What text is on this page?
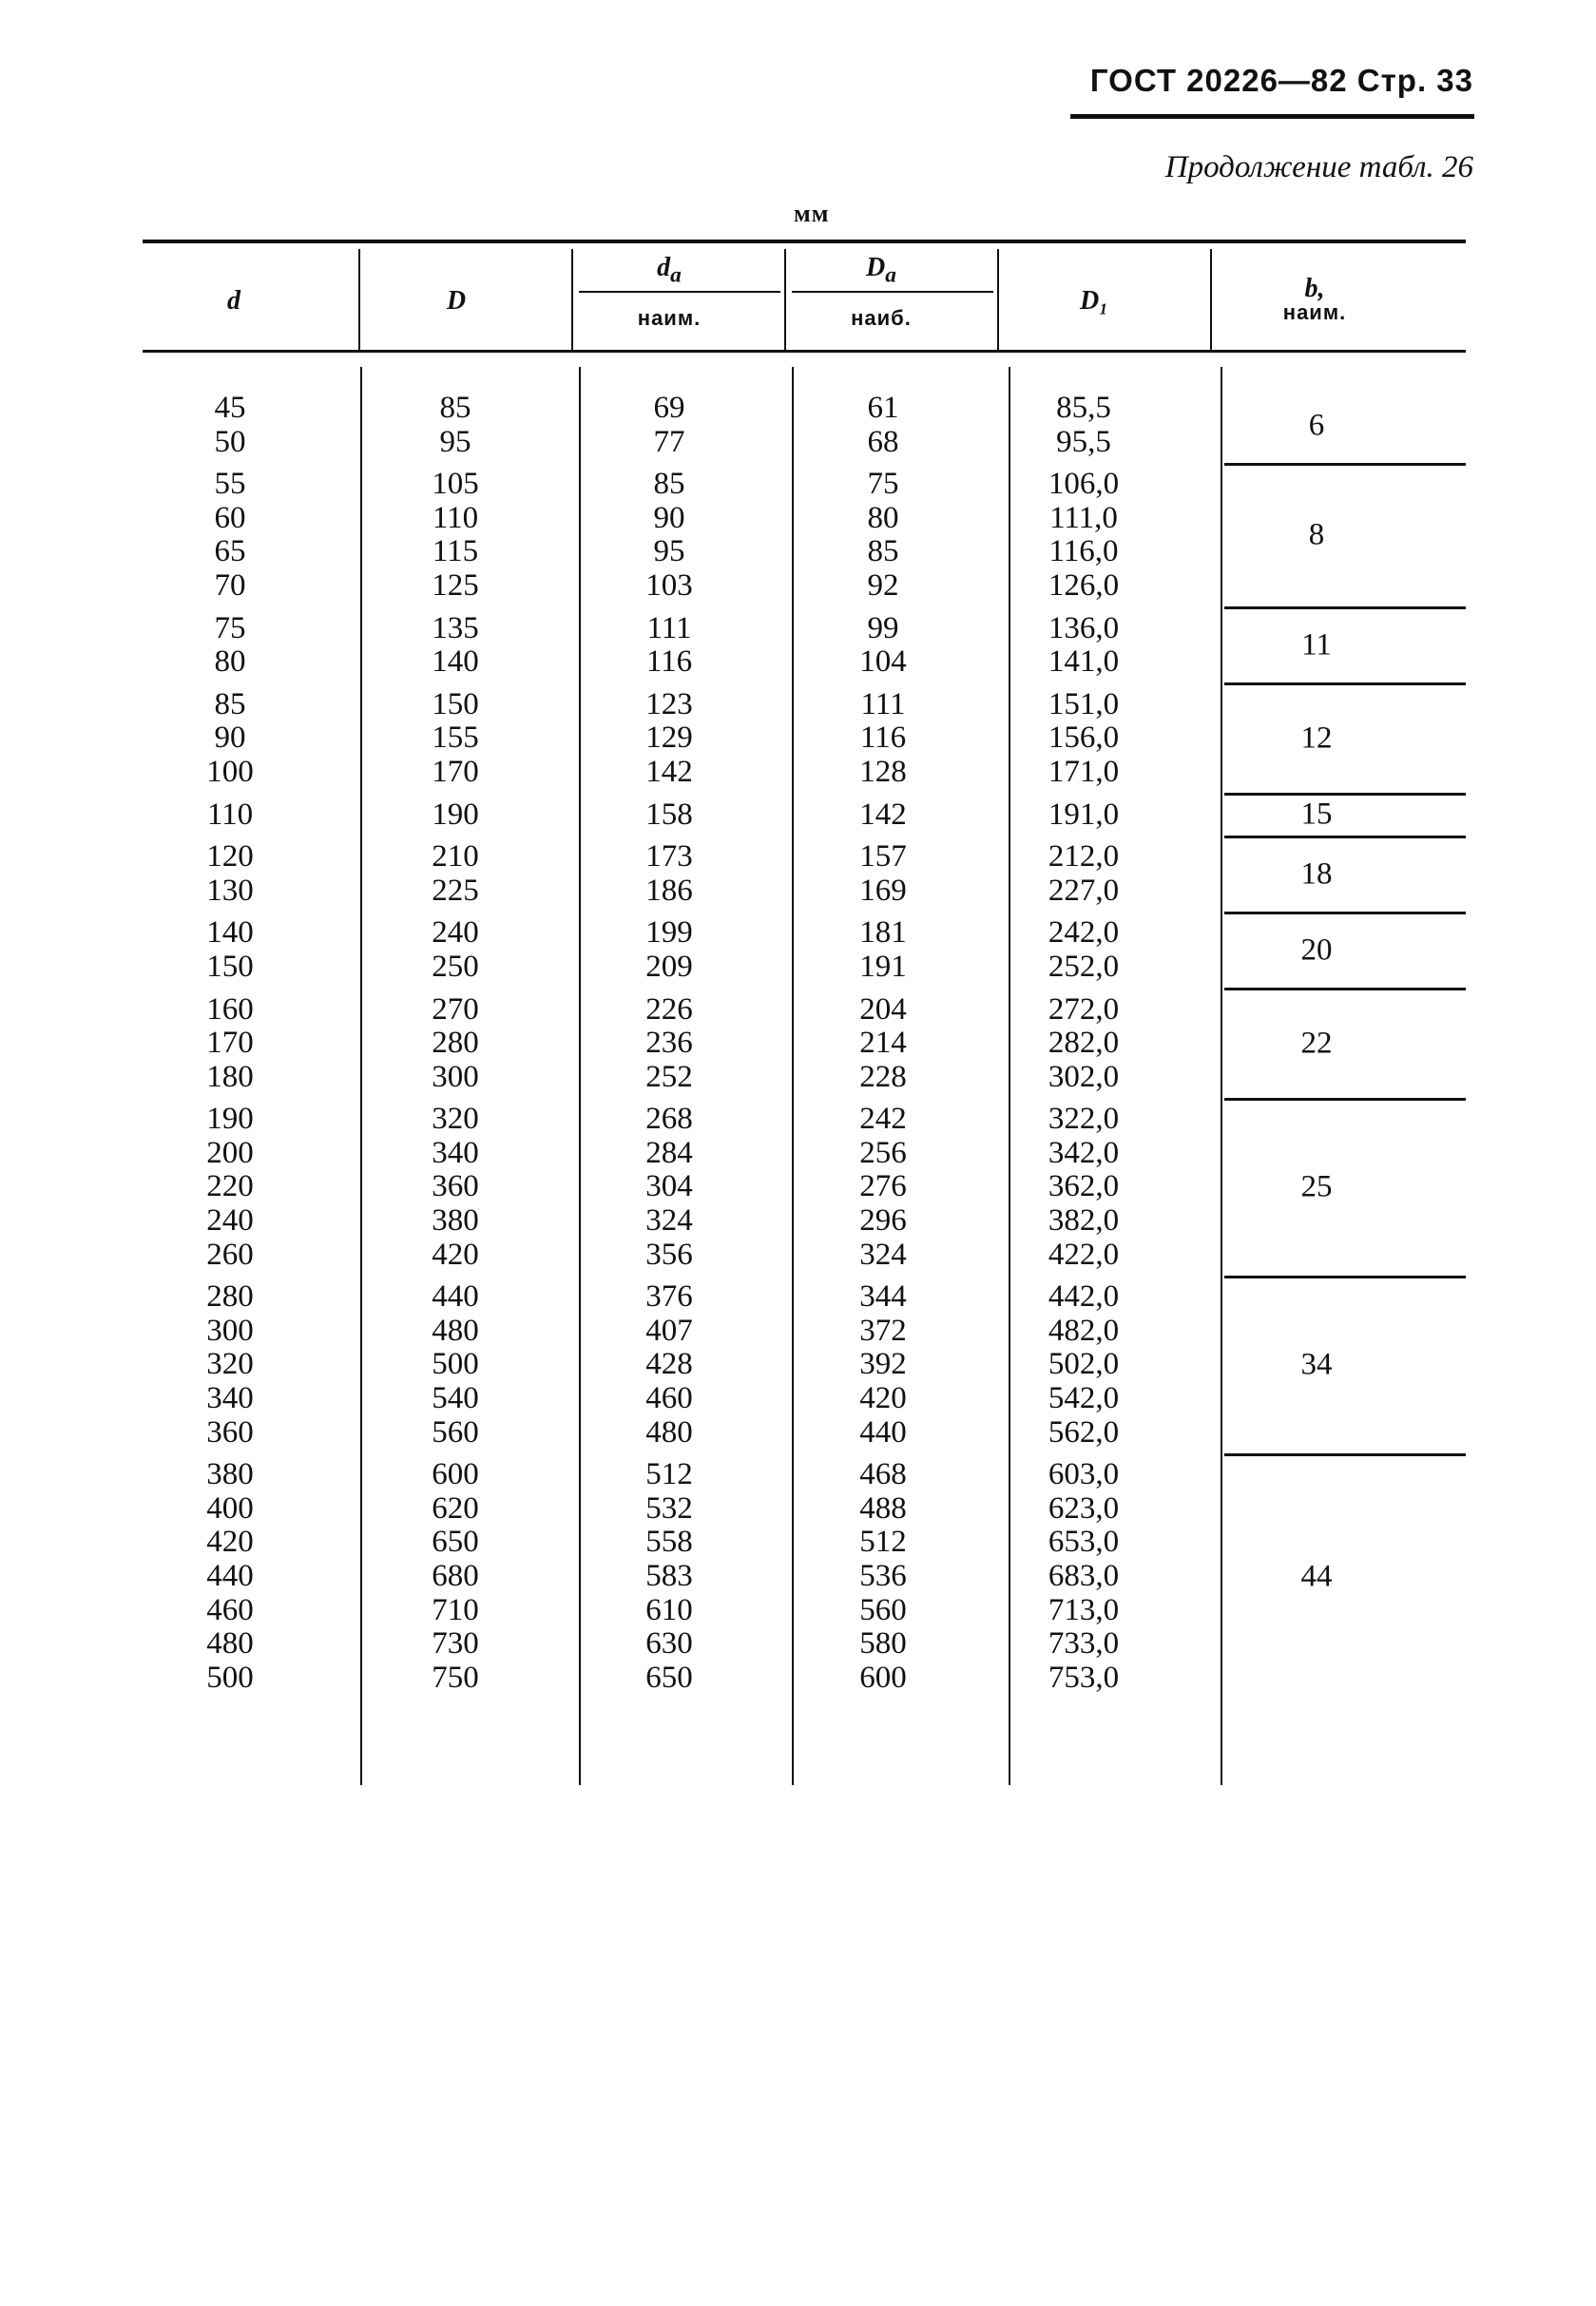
ГОСТ 20226—82 Стр. 33
Продолжение табл. 26
мм
d	D
$d_a$
наим.
$D_a$
наиб.
D₁	b,
наим.
45
50
55
60
65
70
75
80
85
90
100
110
120
130
140
150
160
170
180
190
200
220
240
260
280
300
320
340
360
380
400
420
440
460
480
500
85
95
105
110
115
125
135
140
150
155
170
190
210
225
240
250
270
280
300
320
340
360
380
420
440
480
500
540
560
600
620
650
680
710
730
750
69
77
85
90
95
103
111
116
123
129
142
158
173
186
199
209
226
236
252
268
284
304
324
356
376
407
428
460
480
512
532
558
583
610
630
650
61
68
75
80
85
92
99
104
111
116
128
142
157
169
181
191
204
214
228
242
256
276
296
324
344
372
392
420
440
468
488
512
536
560
580
600
85,5
95,5
106,0
111,0
116,0
126,0
136,0
141,0
151,0
156,0
171,0
191,0
212,0
227,0
242,0
252,0
272,0
282,0
302,0
322,0
342,0
362,0
382,0
422,0
442,0
482,0
502,0
542,0
562,0
603,0
623,0
653,0
683,0
713,0
733,0
753,0
6
8
11
12
15
18
20
22
25
34
44
